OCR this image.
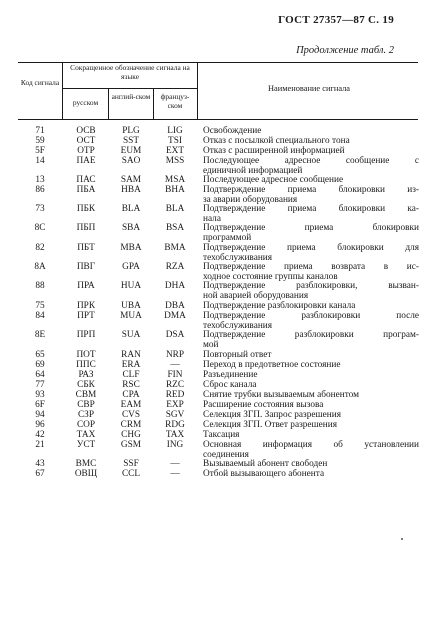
ГОСТ 27357—87 С. 19
Продолжение табл. 2
Код сигнала
Сокращенное обозначение сигнала на языке
русском
англий-ском	француз-ском
Наименование сигнала
71	ОСВ	PLG	LIG	Освобождение
59	ОСТ	SST	TSI	Отказ с посылкой специального тона
5F	ОТР	EUM	EXT	Отказ с расширенной информацией
14	ПАЕ	SAO	MSS	Последующее адресное сообщение с
единичной информацией
13	ПАС	SAM	MSA	Последующее адресное сообщение
86	ПБА	HBA	BHA	Подтверждение приема блокировки из-
за аварии оборудования
73	ПБК	BLA	BLA	Подтверждение приема блокировки ка-
нала
8C	ПБП	SBA	BSA	Подтверждение приема блокировки
программой
82	ПБТ	MBA	BMA	Подтверждение приема блокировки для
техобслуживания
8A	ПВГ	GPA	RZA	Подтверждение приема возврата в ис-
ходное состояние группы каналов
88	ПРА	HUA	DHA	Подтверждение разблокировки, вызван-
ной аварией оборудования
75	ПРК	UBA	DBA	Подтверждение разблокировки канала
84	ПРТ	MUA	DMA	Подтверждение разблокировки после
техобслуживания
8E	ПРП	SUA	DSA	Подтверждение разблокировки програм-
мой
65	ПОТ	RAN	NRP	Повторный ответ
69	ППС	ERA	—	Переход в предответное состояние
64	РАЗ	CLF	FIN	Разъединение
77	СБК	RSC	RZC	Сброс канала
93	СВМ	CPA	RED	Снятие трубки вызываемым абонентом
6F	СВР	EAM	EXP	Расширение состояния вызова
94	СЗР	CVS	SGV	Селекция ЗГП. Запрос разрешения
96	СОР	CRM	RDG	Селекция ЗГП. Ответ разрешения
42	ТАХ	CHG	TAX	Таксация
21	УСТ	GSM	ING	Основная информация об установлении
соединения
43	ВМС	SSF	—	Вызываемый абонент свободен
67	ОВЩ	CCL	—	Отбой вызывающего абонента
